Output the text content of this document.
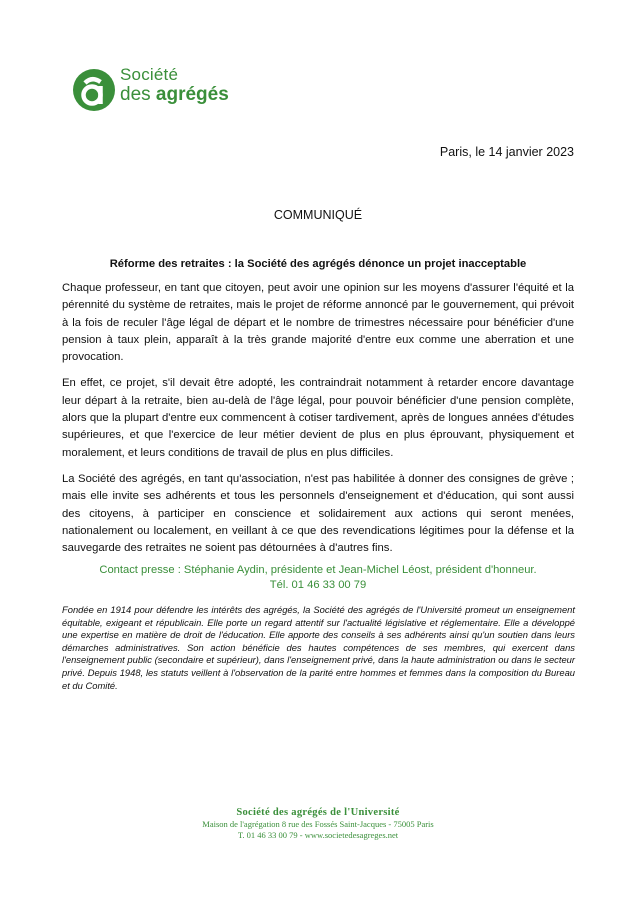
Société
des agrégés
Paris, le 14 janvier 2023
COMMUNIQUÉ
Réforme des retraites : la Société des agrégés dénonce un projet inacceptable

Chaque professeur, en tant que citoyen, peut avoir une opinion sur les moyens d'assurer l'équité et la pérennité du système de retraites, mais le projet de réforme annoncé par le gouvernement, qui prévoit à la fois de reculer l'âge légal de départ et le nombre de trimestres nécessaire pour bénéficier d'une pension à taux plein, apparaît à la très grande majorité d'entre eux comme une aberration et une provocation.

En effet, ce projet, s'il devait être adopté, les contraindrait notamment à retarder encore davantage leur départ à la retraite, bien au-delà de l'âge légal, pour pouvoir bénéficier d'une pension complète, alors que la plupart d'entre eux commencent à cotiser tardivement, après de longues années d'études supérieures, et que l'exercice de leur métier devient de plus en plus éprouvant, physiquement et moralement, et leurs conditions de travail de plus en plus difficiles.

La Société des agrégés, en tant qu'association, n'est pas habilitée à donner des consignes de grève ; mais elle invite ses adhérents et tous les personnels d'enseignement et d'éducation, qui sont aussi des citoyens, à participer en conscience et solidairement aux actions qui seront menées, nationalement ou localement, en veillant à ce que des revendications légitimes pour la défense et la sauvegarde des retraites ne soient pas détournées à d'autres fins.

Contact presse : Stéphanie Aydin, présidente et Jean-Michel Léost, président d'honneur.
Tél. 01 46 33 00 79
Fondée en 1914 pour défendre les intérêts des agrégés, la Société des agrégés de l'Université promeut un enseignement équitable, exigeant et républicain. Elle porte un regard attentif sur l'actualité législative et réglementaire. Elle a développé une expertise en matière de droit de l'éducation. Elle apporte des conseils à ses adhérents ainsi qu'un soutien dans leurs démarches administratives. Son action bénéficie des hautes compétences de ses membres, qui exercent dans l'enseignement public (secondaire et supérieur), dans l'enseignement privé, dans la haute administration ou dans le secteur privé. Depuis 1948, les statuts veillent à l'observation de la parité entre hommes et femmes dans la composition du Bureau et du Comité.
Société des agrégés de l'Université
Maison de l'agrégation 8 rue des Fossés Saint-Jacques - 75005 Paris
T. 01 46 33 00 79 - www.societedesagreges.net
